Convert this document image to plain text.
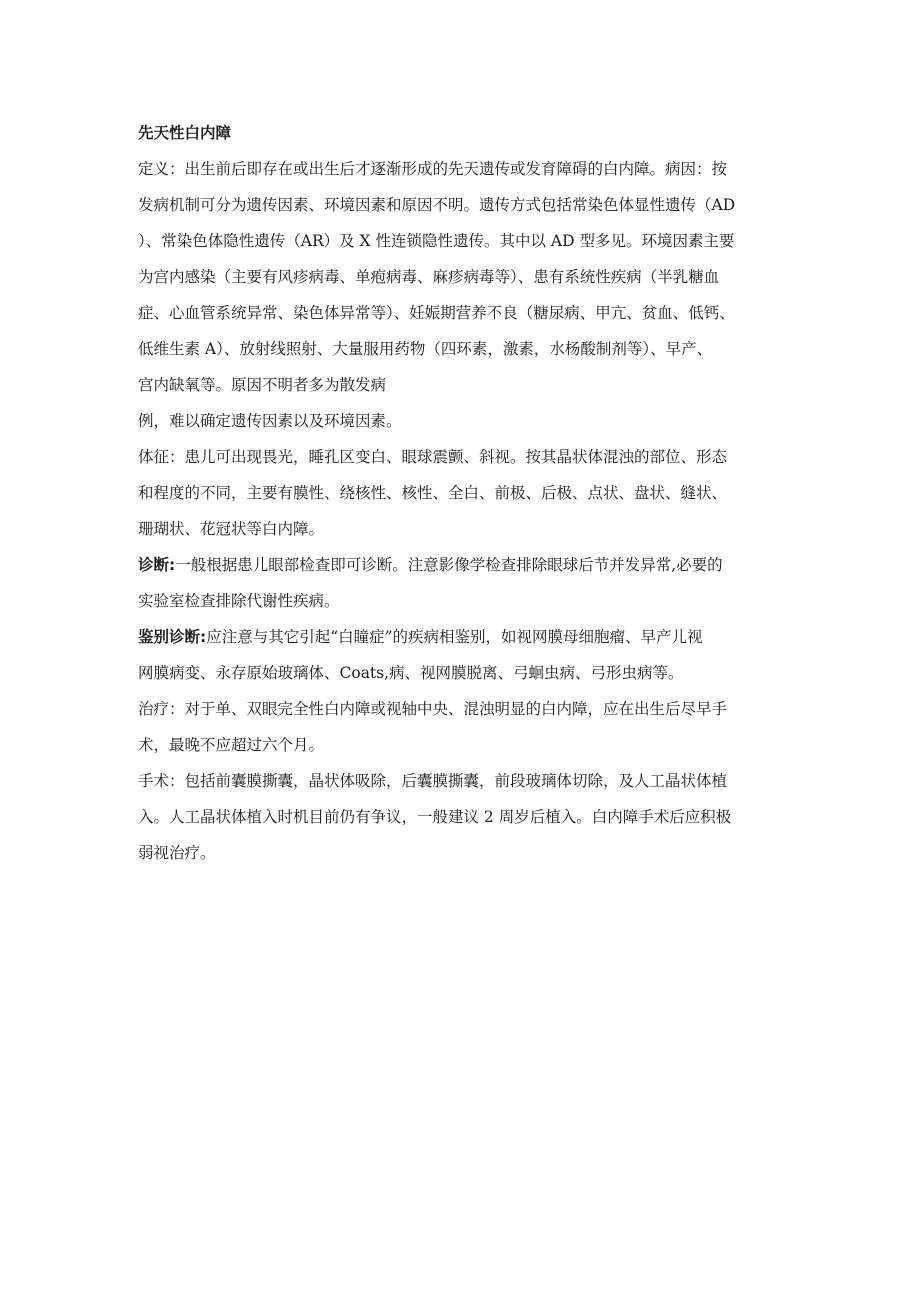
先天性白内障

定义：出生前后即存在或出生后才逐渐形成的先天遗传或发育障碍的白内障。病因：按

发病机制可分为遗传因素、环境因素和原因不明。遗传方式包括常染色体显性遗传（AD

）、常染色体隐性遗传（AR）及 X 性连锁隐性遗传。其中以 AD 型多见。环境因素主要

为宫内感染（主要有风疹病毒、单疱病毒、麻疹病毒等）、患有系统性疾病（半乳糖血

症、心血管系统异常、染色体异常等）、妊娠期营养不良（糖尿病、甲亢、贫血、低钙、

低维生素 A）、放射线照射、大量服用药物（四环素，激素，水杨酸制剂等）、早产、

宫内缺氧等。原因不明者多为散发病

例，难以确定遗传因素以及环境因素。

体征：患儿可出现畏光，睡孔区变白、眼球震颤、斜视。按其晶状体混浊的部位、形态

和程度的不同，主要有膜性、绕核性、核性、全白、前极、后极、点状、盘状、缝状、

珊瑚状、花冠状等白内障。

诊断:一般根据患儿眼部检查即可诊断。注意影像学检查排除眼球后节并发异常,必要的

实验室检查排除代谢性疾病。

鉴别诊断:应注意与其它引起“白瞳症”的疾病相鉴别，如视网膜母细胞瘤、早产儿视

网膜病变、永存原始玻璃体、Coats,病、视网膜脱离、弓蛔虫病、弓形虫病等。

治疗：对于单、双眼完全性白内障或视轴中央、混浊明显的白内障，应在出生后尽早手

术，最晚不应超过六个月。

手术：包括前囊膜撕囊，晶状体吸除，后囊膜撕囊，前段玻璃体切除，及人工晶状体植

入。人工晶状体植入时机目前仍有争议，一般建议 2 周岁后植入。白内障手术后应积极

弱视治疗。
